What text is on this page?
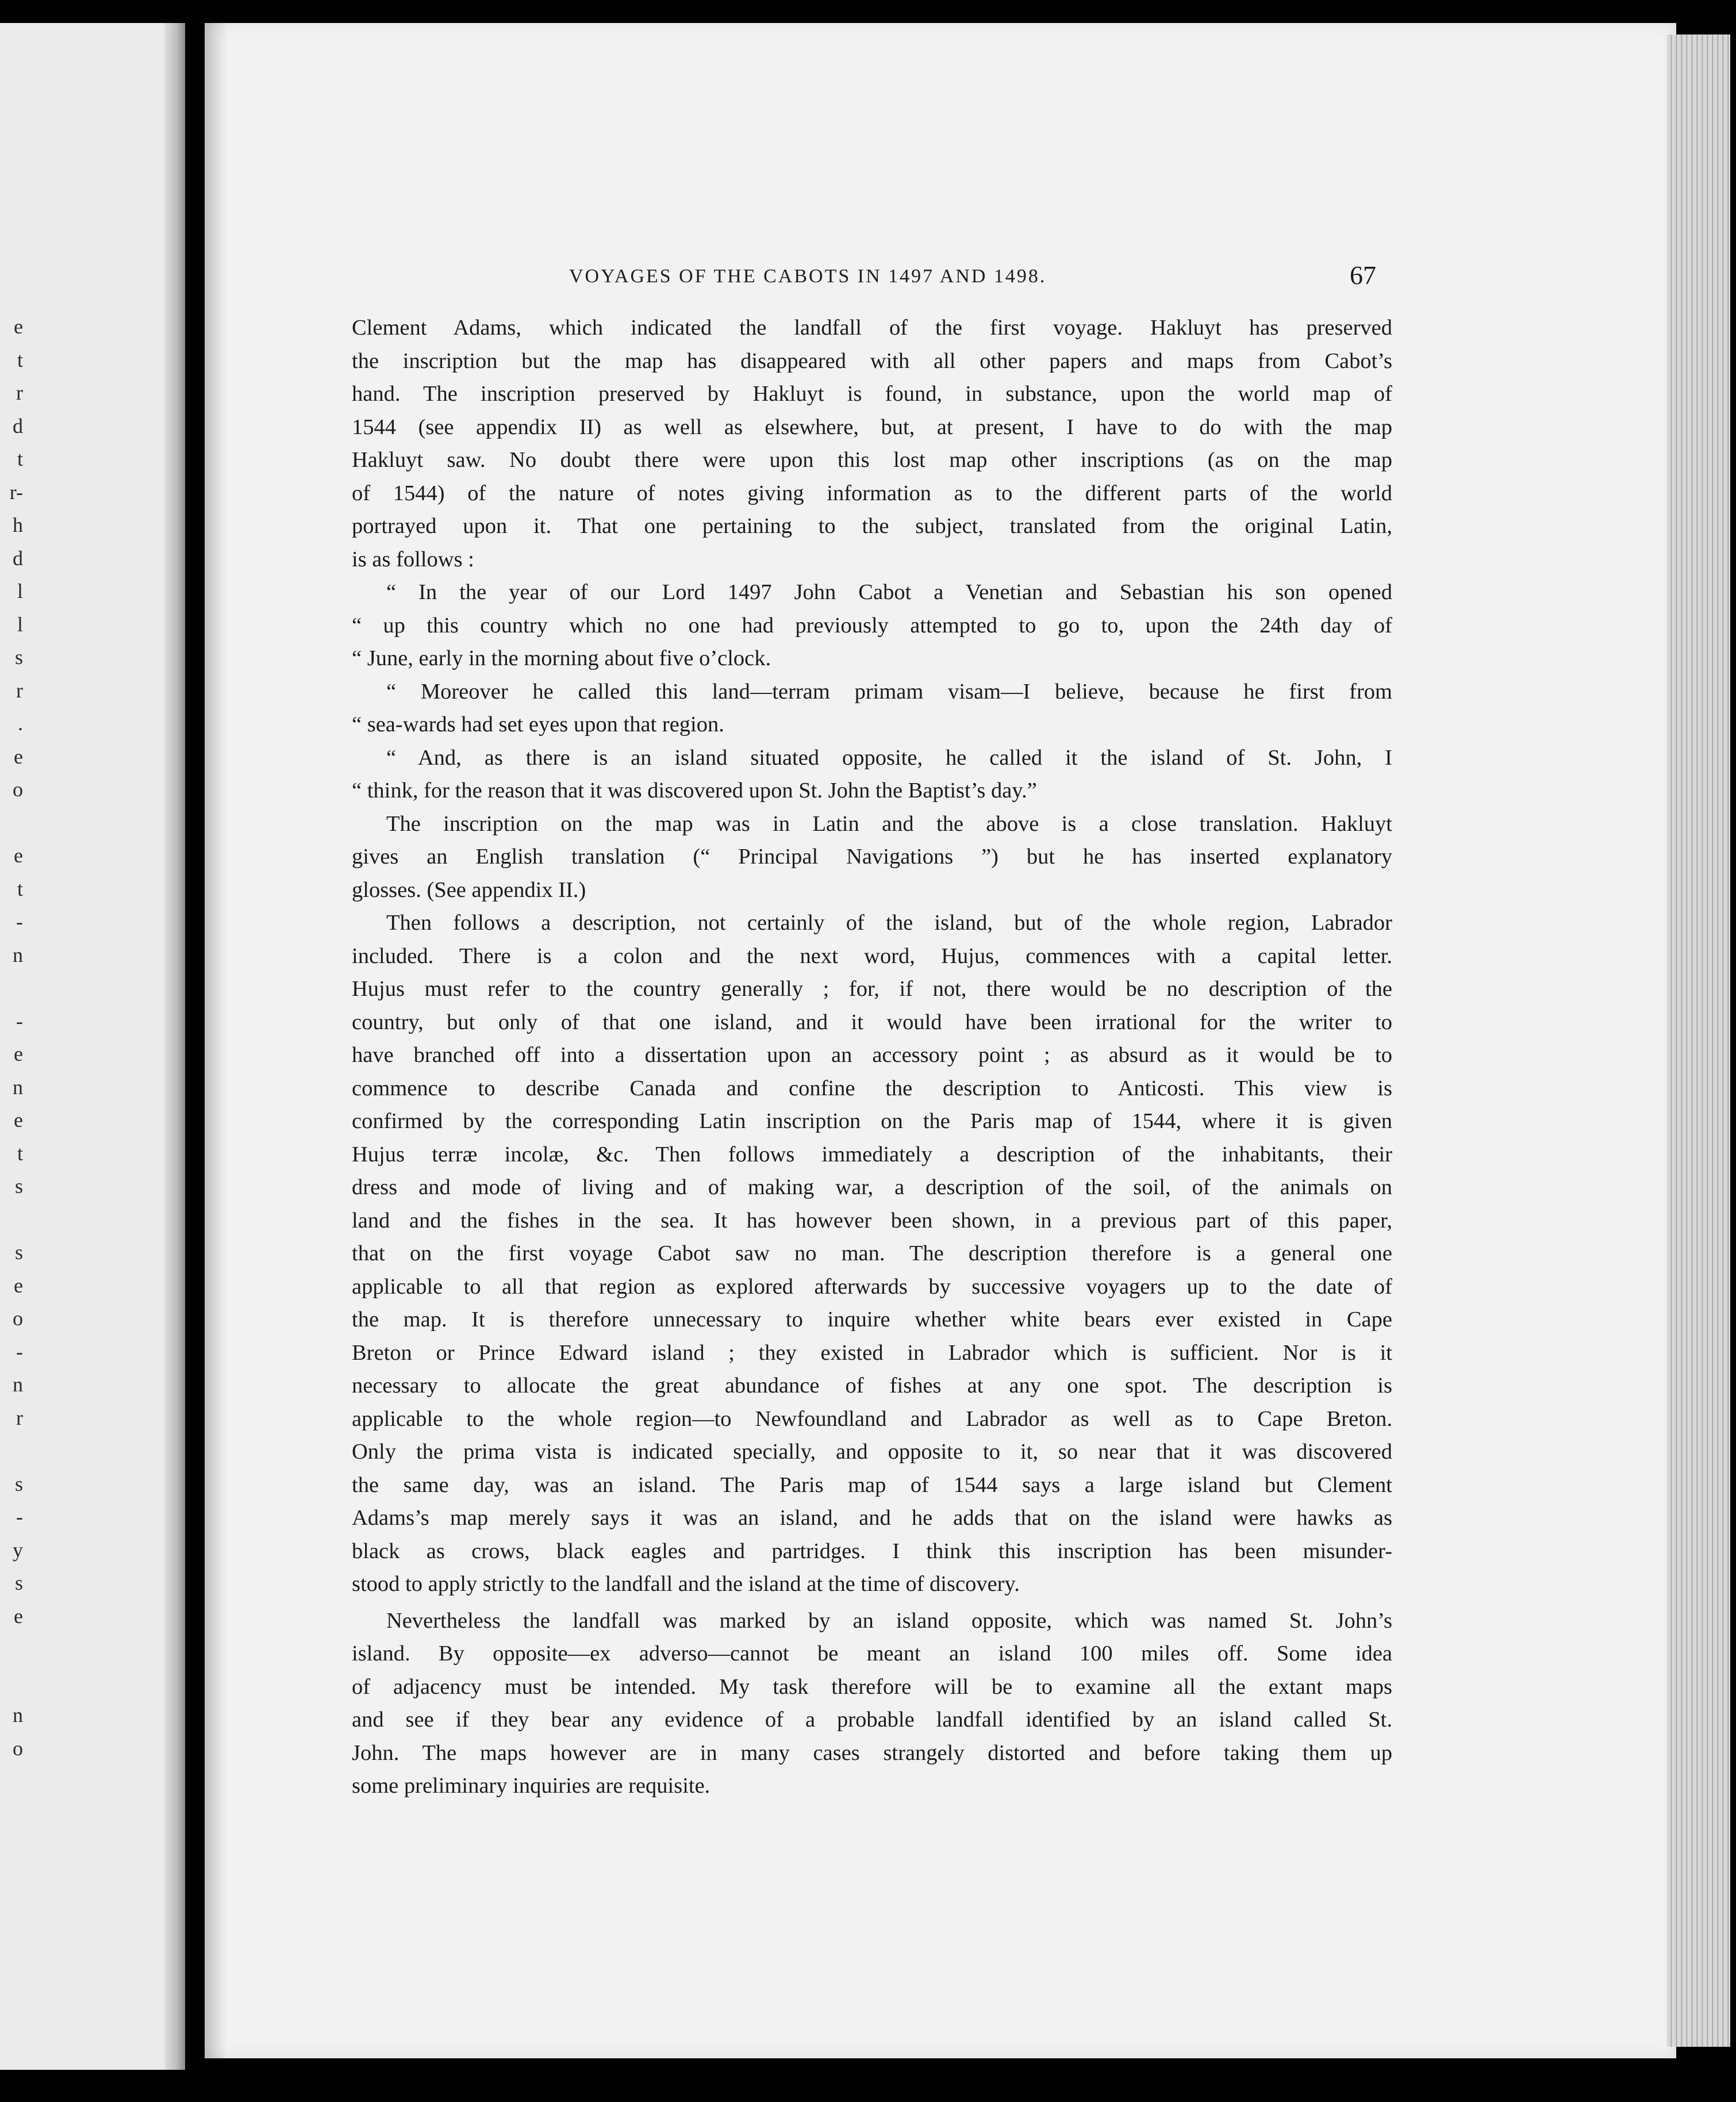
e
t
r
d
t
r-
h
d
l
l
s
r
.
e
o
e
t
-
n
-
e
n
e
t
s
s
e
o
-
n
r
s
-
y
s
e
n
o
VOYAGES OF THE CABOTS IN 1497 AND 1498.	67
Clement Adams, which indicated the landfall of the first voyage. Hakluyt has preserved
the inscription but the map has disappeared with all other papers and maps from Cabot’s
hand. The inscription preserved by Hakluyt is found, in substance, upon the world map of
1544 (see appendix II) as well as elsewhere, but, at present, I have to do with the map
Hakluyt saw. No doubt there were upon this lost map other inscriptions (as on the map
of 1544) of the nature of notes giving information as to the different parts of the world
portrayed upon it. That one pertaining to the subject, translated from the original Latin,
is as follows :
“ In the year of our Lord 1497 John Cabot a Venetian and Sebastian his son opened
“ up this country which no one had previously attempted to go to, upon the 24th day of
“ June, early in the morning about five o’clock.
“ Moreover he called this land—terram primam visam—I believe, because he first from
“ sea-wards had set eyes upon that region.
“ And, as there is an island situated opposite, he called it the island of St. John, I
“ think, for the reason that it was discovered upon St. John the Baptist’s day.”
The inscription on the map was in Latin and the above is a close translation. Hakluyt
gives an English translation (“ Principal Navigations ”) but he has inserted explanatory
glosses. (See appendix II.)
Then follows a description, not certainly of the island, but of the whole region, Labrador
included. There is a colon and the next word, Hujus, commences with a capital letter.
Hujus must refer to the country generally ; for, if not, there would be no description of the
country, but only of that one island, and it would have been irrational for the writer to
have branched off into a dissertation upon an accessory point ; as absurd as it would be to
commence to describe Canada and confine the description to Anticosti. This view is
confirmed by the corresponding Latin inscription on the Paris map of 1544, where it is given
Hujus terræ incolæ, &c. Then follows immediately a description of the inhabitants, their
dress and mode of living and of making war, a description of the soil, of the animals on
land and the fishes in the sea. It has however been shown, in a previous part of this paper,
that on the first voyage Cabot saw no man. The description therefore is a general one
applicable to all that region as explored afterwards by successive voyagers up to the date of
the map. It is therefore unnecessary to inquire whether white bears ever existed in Cape
Breton or Prince Edward island ; they existed in Labrador which is sufficient. Nor is it
necessary to allocate the great abundance of fishes at any one spot. The description is
applicable to the whole region—to Newfoundland and Labrador as well as to Cape Breton.
Only the prima vista is indicated specially, and opposite to it, so near that it was discovered
the same day, was an island. The Paris map of 1544 says a large island but Clement
Adams’s map merely says it was an island, and he adds that on the island were hawks as
black as crows, black eagles and partridges. I think this inscription has been misunder-
stood to apply strictly to the landfall and the island at the time of discovery.
Nevertheless the landfall was marked by an island opposite, which was named St. John’s
island. By opposite—ex adverso—cannot be meant an island 100 miles off. Some idea
of adjacency must be intended. My task therefore will be to examine all the extant maps
and see if they bear any evidence of a probable landfall identified by an island called St.
John. The maps however are in many cases strangely distorted and before taking them up
some preliminary inquiries are requisite.
